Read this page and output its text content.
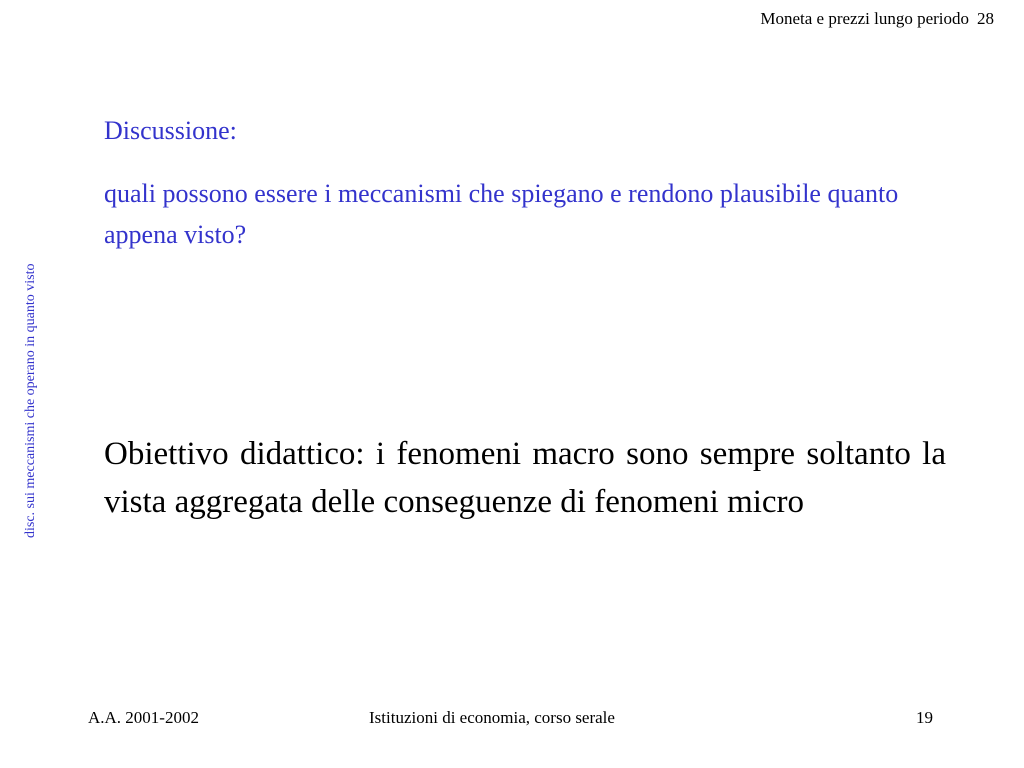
Moneta e prezzi lungo periodo 28
disc. sui meccanismi che operano in quanto visto
Discussione:
quali possono essere i meccanismi che spiegano e rendono plausibile quanto appena visto?
Obiettivo didattico: i fenomeni macro sono sempre soltanto la vista aggregata delle conseguenze di fenomeni micro
A.A. 2001-2002	Istituzioni di economia, corso serale	19
